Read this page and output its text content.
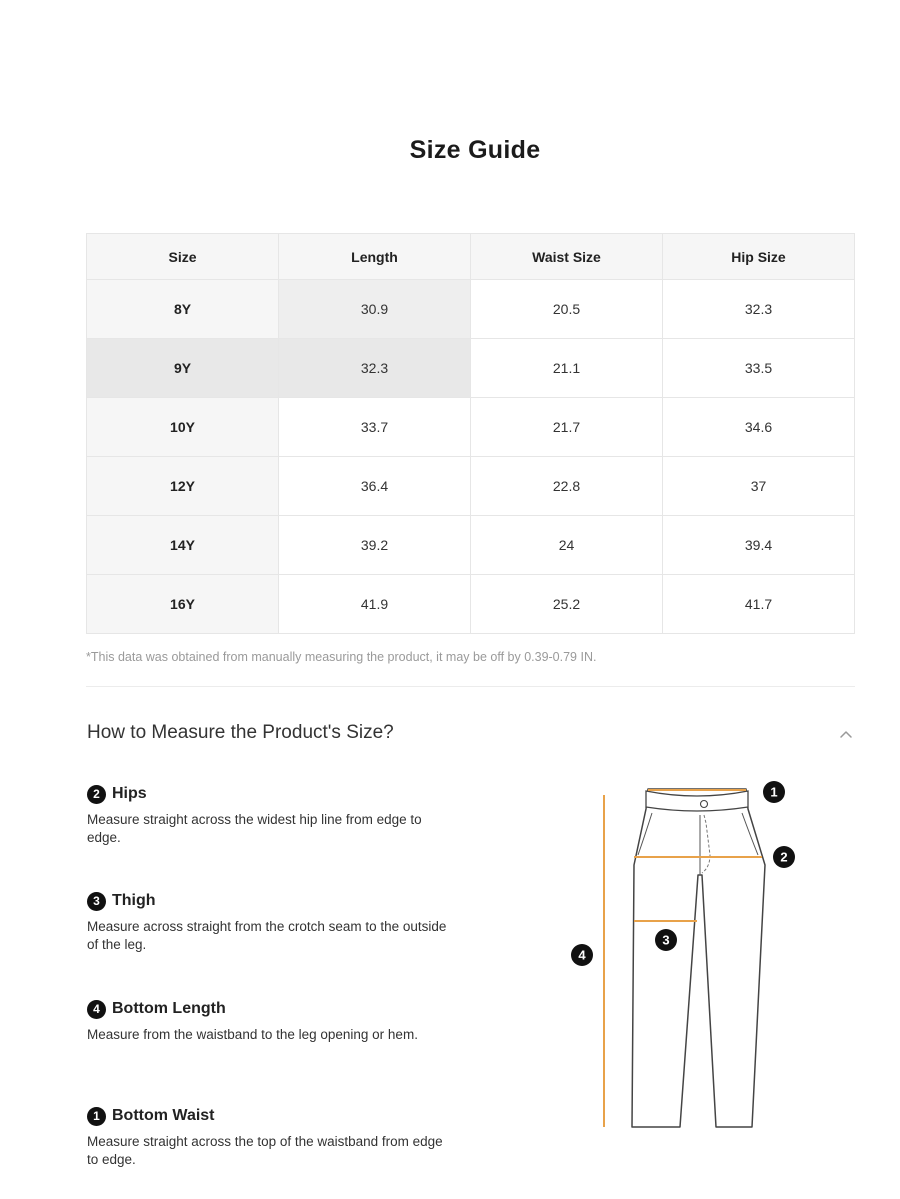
Size Guide
Size	Length	Waist Size	Hip Size
8Y	30.9	20.5	32.3
9Y	32.3	21.1	33.5
10Y	33.7	21.7	34.6
12Y	36.4	22.8	37
14Y	39.2	24	39.4
16Y	41.9	25.2	41.7
*This data was obtained from manually measuring the product, it may be off by 0.39-0.79 IN.
How to Measure the Product's Size?
2 Hips
Measure straight across the widest hip line from edge to edge.
3 Thigh
Measure across straight from the crotch seam to the outside of the leg.
4 Bottom Length
Measure from the waistband to the leg opening or hem.
1 Bottom Waist
Measure straight across the top of the waistband from edge to edge.
1
2
3
4
